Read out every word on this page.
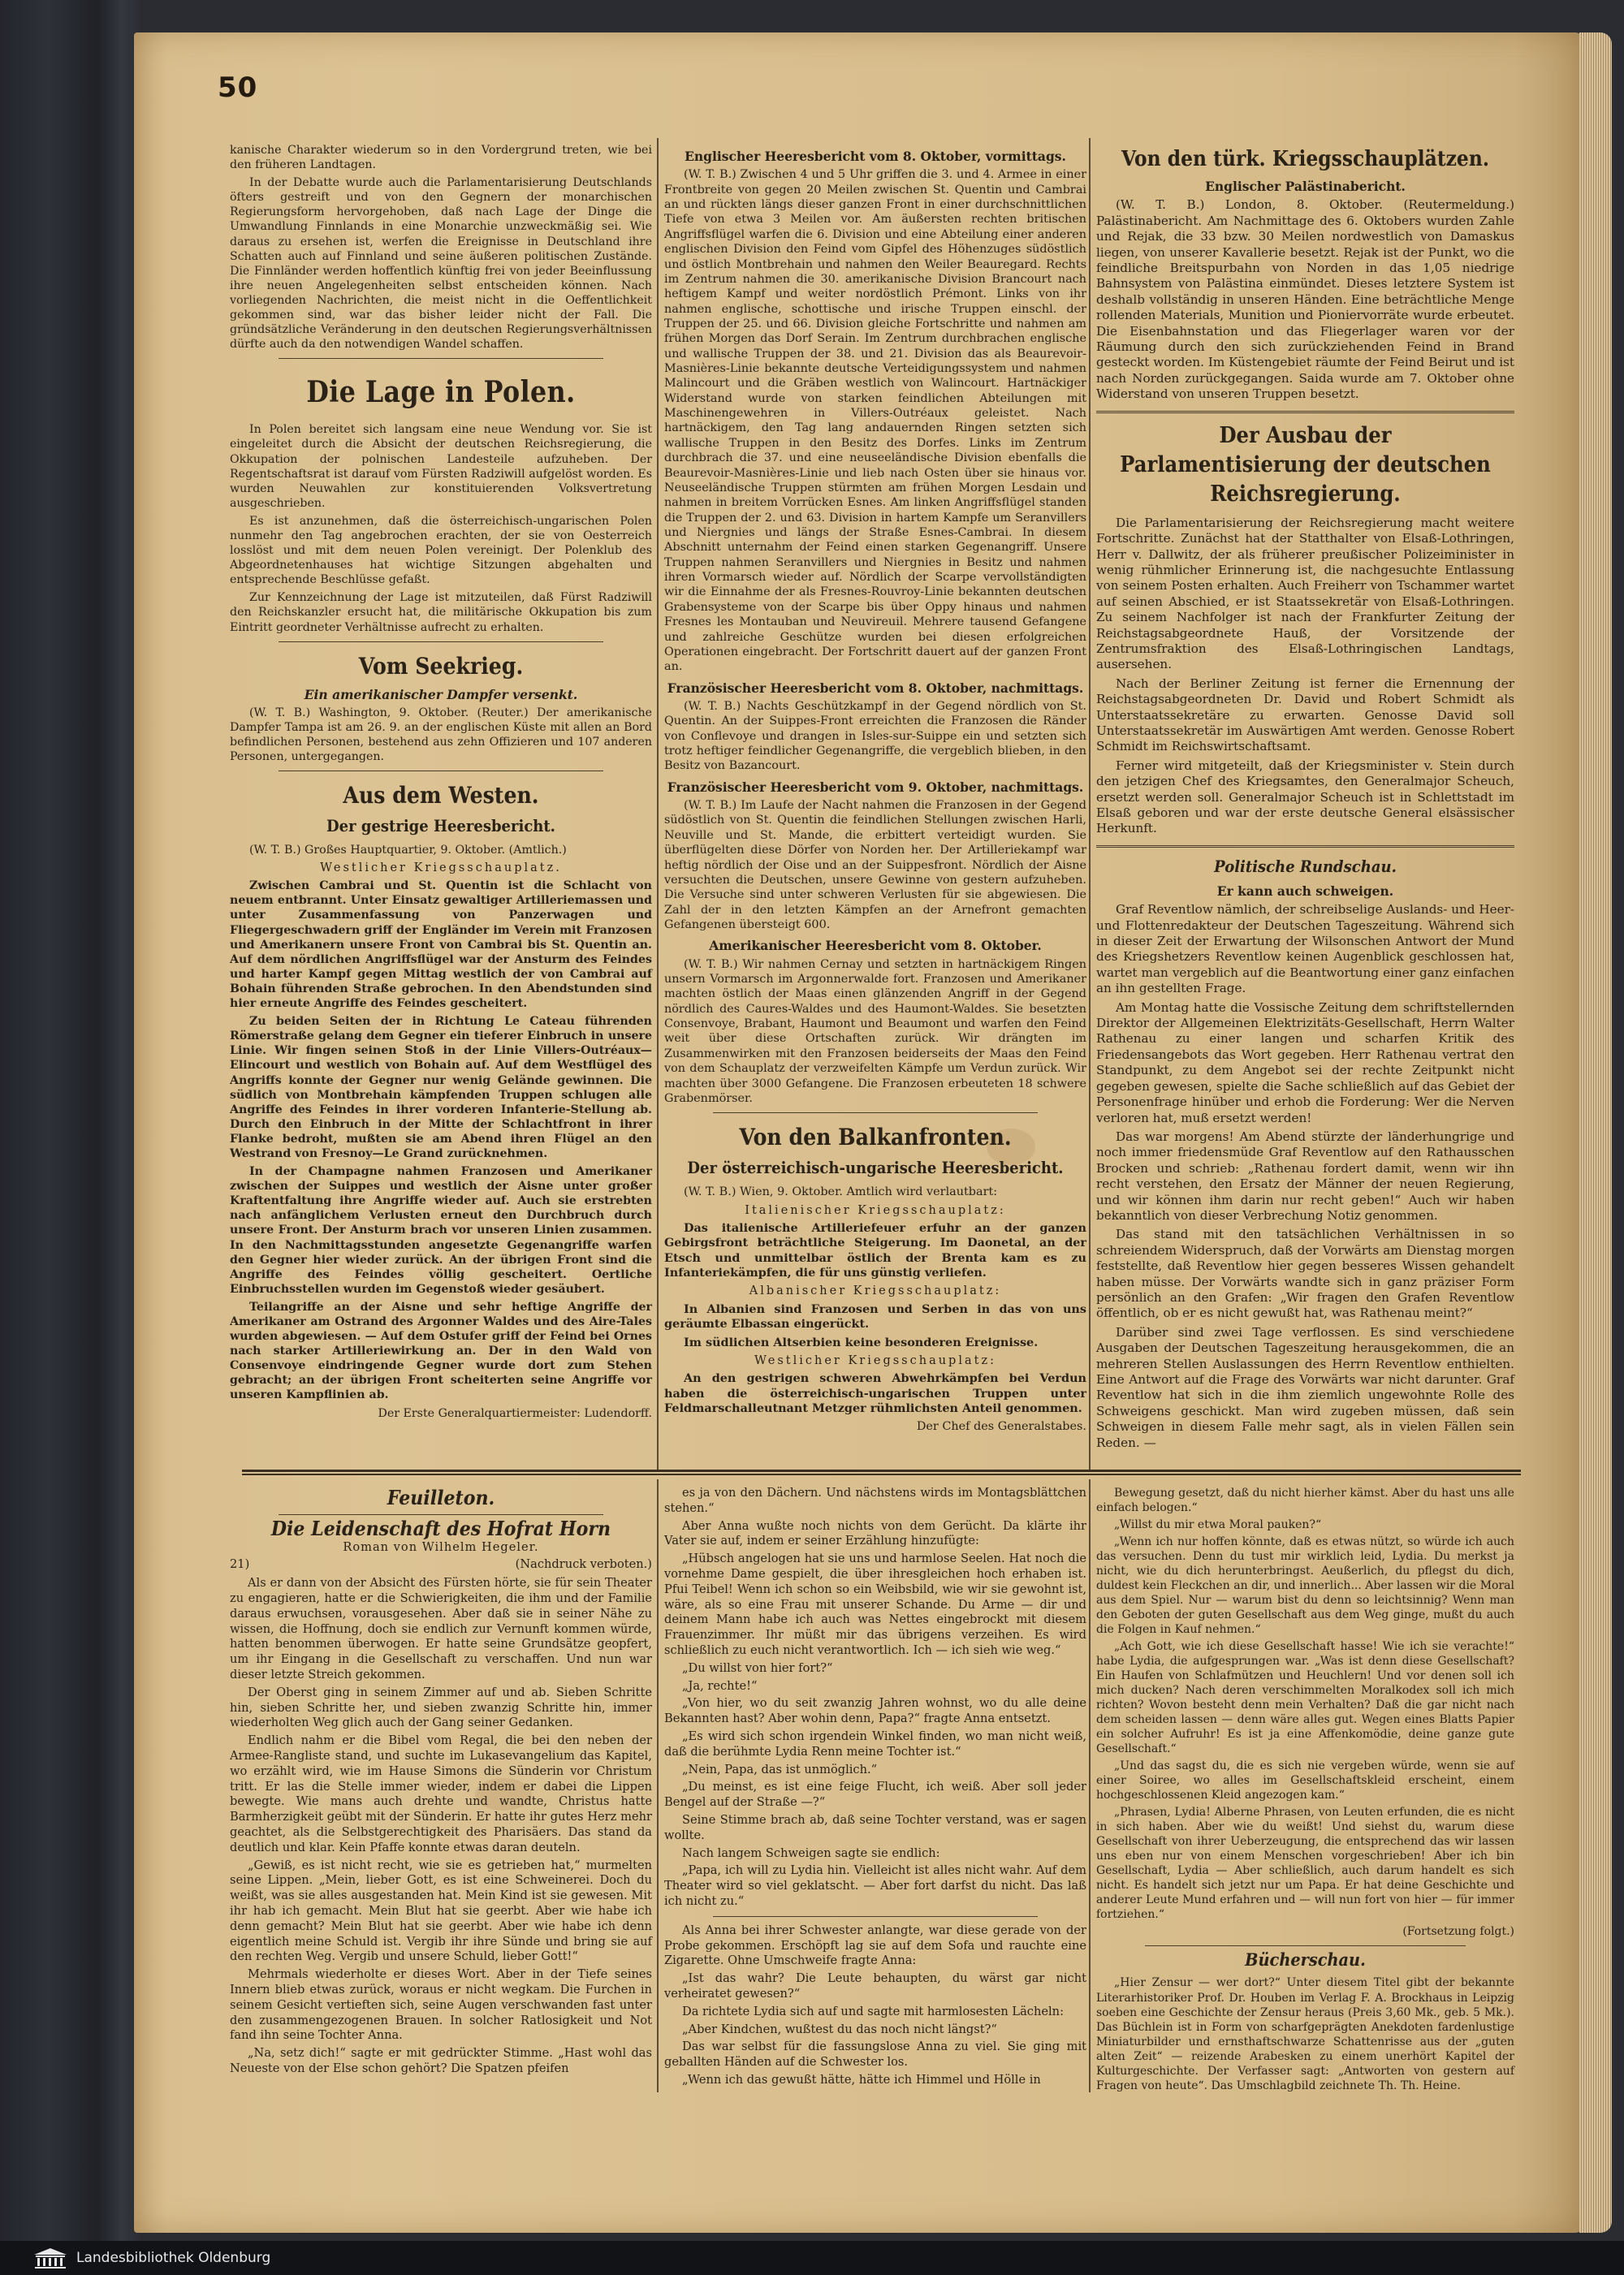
50

kanische Charakter wiederum so in den Vordergrund treten, wie bei den früheren Landtagen.

In der Debatte wurde auch die Parlamentarisierung Deutschlands öfters gestreift und von den Gegnern der monarchischen Regierungsform hervorgehoben, daß nach Lage der Dinge die Umwandlung Finnlands in eine Monarchie unzweckmäßig sei. Wie daraus zu ersehen ist, werfen die Ereignisse in Deutschland ihre Schatten auch auf Finnland und seine äußeren politischen Zustände. Die Finnländer werden hoffentlich künftig frei von jeder Beeinflussung ihre neuen Angelegenheiten selbst entscheiden können. Nach vorliegenden Nachrichten, die meist nicht in die Oeffentlichkeit gekommen sind, war das bisher leider nicht der Fall. Die gründsätzliche Veränderung in den deutschen Regierungsverhältnissen dürfte auch da den notwendigen Wandel schaffen.

Die Lage in Polen.

In Polen bereitet sich langsam eine neue Wendung vor. Sie ist eingeleitet durch die Absicht der deutschen Reichsregierung, die Okkupation der polnischen Landesteile aufzuheben. Der Regentschaftsrat ist darauf vom Fürsten Radziwill aufgelöst worden. Es wurden Neuwahlen zur konstituierenden Volksvertretung ausgeschrieben.

Es ist anzunehmen, daß die österreichisch-ungarischen Polen nunmehr den Tag angebrochen erachten, der sie von Oesterreich losslöst und mit dem neuen Polen vereinigt. Der Polenklub des Abgeordnetenhauses hat wichtige Sitzungen abgehalten und entsprechende Beschlüsse gefaßt.

Zur Kennzeichnung der Lage ist mitzuteilen, daß Fürst Radziwill den Reichskanzler ersucht hat, die militärische Okkupation bis zum Eintritt geordneter Verhältnisse aufrecht zu erhalten.

Vom Seekrieg.
Ein amerikanischer Dampfer versenkt.

(W. T. B.) Washington, 9. Oktober. (Reuter.) Der amerikanische Dampfer Tampa ist am 26. 9. an der englischen Küste mit allen an Bord befindlichen Personen, bestehend aus zehn Offizieren und 107 anderen Personen, untergegangen.

Aus dem Westen.
Der gestrige Heeresbericht.

(W. T. B.) Großes Hauptquartier, 9. Oktober. (Amtlich.)

Westlicher Kriegsschauplatz.

Zwischen Cambrai und St. Quentin ist die Schlacht von neuem entbrannt. Unter Einsatz gewaltiger Artilleriemassen und unter Zusammenfassung von Panzerwagen und Fliegergeschwadern griff der Engländer im Verein mit Franzosen und Amerikanern unsere Front von Cambrai bis St. Quentin an. Auf dem nördlichen Angriffsflügel war der Ansturm des Feindes und harter Kampf gegen Mittag westlich der von Cambrai auf Bohain führenden Straße gebrochen. In den Abendstunden sind hier erneute Angriffe des Feindes gescheitert.

Zu beiden Seiten der in Richtung Le Cateau führenden Römerstraße gelang dem Gegner ein tieferer Einbruch in unsere Linie. Wir fingen seinen Stoß in der Linie Villers-Outréaux—Elincourt und westlich von Bohain auf. Auf dem Westflügel des Angriffs konnte der Gegner nur wenig Gelände gewinnen. Die südlich von Montbrehain kämpfenden Truppen schlugen alle Angriffe des Feindes in ihrer vorderen Infanterie-Stellung ab. Durch den Einbruch in der Mitte der Schlachtfront in ihrer Flanke bedroht, mußten sie am Abend ihren Flügel an den Westrand von Fresnoy—Le Grand zurücknehmen.

In der Champagne nahmen Franzosen und Amerikaner zwischen der Suippes und westlich der Aisne unter großer Kraftentfaltung ihre Angriffe wieder auf. Auch sie erstrebten nach anfänglichem Verlusten erneut den Durchbruch durch unsere Front. Der Ansturm brach vor unseren Linien zusammen. In den Nachmittagsstunden angesetzte Gegenangriffe warfen den Gegner hier wieder zurück. An der übrigen Front sind die Angriffe des Feindes völlig gescheitert. Oertliche Einbruchsstellen wurden im Gegenstoß wieder gesäubert.

Teilangriffe an der Aisne und sehr heftige Angriffe der Amerikaner am Ostrand des Argonner Waldes und des Aire-Tales wurden abgewiesen. — Auf dem Ostufer griff der Feind bei Ornes nach starker Artilleriewirkung an. Der in den Wald von Consenvoye eindringende Gegner wurde dort zum Stehen gebracht; an der übrigen Front scheiterten seine Angriffe vor unseren Kampflinien ab.

Der Erste Generalquartiermeister: Ludendorff.

Englischer Heeresbericht vom 8. Oktober, vormittags.

(W. T. B.) Zwischen 4 und 5 Uhr griffen die 3. und 4. Armee in einer Frontbreite von gegen 20 Meilen zwischen St. Quentin und Cambrai an und rückten längs dieser ganzen Front in einer durchschnittlichen Tiefe von etwa 3 Meilen vor. Am äußersten rechten britischen Angriffsflügel warfen die 6. Division und eine Abteilung einer anderen englischen Division den Feind vom Gipfel des Höhenzuges südöstlich und östlich Montbrehain und nahmen den Weiler Beauregard. Rechts im Zentrum nahmen die 30. amerikanische Division Brancourt nach heftigem Kampf und weiter nordöstlich Prémont. Links von ihr nahmen englische, schottische und irische Truppen einschl. der Truppen der 25. und 66. Division gleiche Fortschritte und nahmen am frühen Morgen das Dorf Serain. Im Zentrum durchbrachen englische und wallische Truppen der 38. und 21. Division das als Beaurevoir-Masnières-Linie bekannte deutsche Verteidigungssystem und nahmen Malincourt und die Gräben westlich von Walincourt. Hartnäckiger Widerstand wurde von starken feindlichen Abteilungen mit Maschinengewehren in Villers-Outréaux geleistet. Nach hartnäckigem, den Tag lang andauernden Ringen setzten sich wallische Truppen in den Besitz des Dorfes. Links im Zentrum durchbrach die 37. und eine neuseeländische Division ebenfalls die Beaurevoir-Masnières-Linie und lieb nach Osten über sie hinaus vor. Neuseeländische Truppen stürmten am frühen Morgen Lesdain und nahmen in breitem Vorrücken Esnes. Am linken Angriffsflügel standen die Truppen der 2. und 63. Division in hartem Kampfe um Seranvillers und Niergnies und längs der Straße Esnes-Cambrai. In diesem Abschnitt unternahm der Feind einen starken Gegenangriff. Unsere Truppen nahmen Seranvillers und Niergnies in Besitz und nahmen ihren Vormarsch wieder auf. Nördlich der Scarpe vervollständigten wir die Einnahme der als Fresnes-Rouvroy-Linie bekannten deutschen Grabensysteme von der Scarpe bis über Oppy hinaus und nahmen Fresnes les Montauban und Neuvireuil. Mehrere tausend Gefangene und zahlreiche Geschütze wurden bei diesen erfolgreichen Operationen eingebracht. Der Fortschritt dauert auf der ganzen Front an.

Französischer Heeresbericht vom 8. Oktober, nachmittags.

(W. T. B.) Nachts Geschützkampf in der Gegend nördlich von St. Quentin. An der Suippes-Front erreichten die Franzosen die Ränder von Conflevoye und drangen in Isles-sur-Suippe ein und setzten sich trotz heftiger feindlicher Gegenangriffe, die vergeblich blieben, in den Besitz von Bazancourt.

Französischer Heeresbericht vom 9. Oktober, nachmittags.

(W. T. B.) Im Laufe der Nacht nahmen die Franzosen in der Gegend südöstlich von St. Quentin die feindlichen Stellungen zwischen Harli, Neuville und St. Mande, die erbittert verteidigt wurden. Sie überflügelten diese Dörfer von Norden her. Der Artilleriekampf war heftig nördlich der Oise und an der Suippesfront. Nördlich der Aisne versuchten die Deutschen, unsere Gewinne von gestern aufzuheben. Die Versuche sind unter schweren Verlusten für sie abgewiesen. Die Zahl der in den letzten Kämpfen an der Arnefront gemachten Gefangenen übersteigt 600.

Amerikanischer Heeresbericht vom 8. Oktober.

(W. T. B.) Wir nahmen Cernay und setzten in hartnäckigem Ringen unsern Vormarsch im Argonnerwalde fort. Franzosen und Amerikaner machten östlich der Maas einen glänzenden Angriff in der Gegend nördlich des Caures-Waldes und des Haumont-Waldes. Sie besetzten Consenvoye, Brabant, Haumont und Beaumont und warfen den Feind weit über diese Ortschaften zurück. Wir drängten im Zusammenwirken mit den Franzosen beiderseits der Maas den Feind von dem Schauplatz der verzweifelten Kämpfe um Verdun zurück. Wir machten über 3000 Gefangene. Die Franzosen erbeuteten 18 schwere Grabenmörser.

Von den Balkanfronten.
Der österreichisch-ungarische Heeresbericht.

(W. T. B.) Wien, 9. Oktober. Amtlich wird verlautbart:

Italienischer Kriegsschauplatz:

Das italienische Artilleriefeuer erfuhr an der ganzen Gebirgsfront beträchtliche Steigerung. Im Daonetal, an der Etsch und unmittelbar östlich der Brenta kam es zu Infanteriekämpfen, die für uns günstig verliefen.

Albanischer Kriegsschauplatz:

In Albanien sind Franzosen und Serben in das von uns geräumte Elbassan eingerückt.

Im südlichen Altserbien keine besonderen Ereignisse.

Westlicher Kriegsschauplatz:

An den gestrigen schweren Abwehrkämpfen bei Verdun haben die österreichisch-ungarischen Truppen unter Feldmarschalleutnant Metzger rühmlichsten Anteil genommen.

Der Chef des Generalstabes.

Von den türk. Kriegsschauplätzen.
Englischer Palästinabericht.

(W. T. B.) London, 8. Oktober. (Reutermeldung.) Palästinabericht. Am Nachmittage des 6. Oktobers wurden Zahle und Rejak, die 33 bzw. 30 Meilen nordwestlich von Damaskus liegen, von unserer Kavallerie besetzt. Rejak ist der Punkt, wo die feindliche Breitspurbahn von Norden in das 1,05 niedrige Bahnsystem von Palästina einmündet. Dieses letztere System ist deshalb vollständig in unseren Händen. Eine beträchtliche Menge rollenden Materials, Munition und Pioniervorräte wurde erbeutet. Die Eisenbahnstation und das Fliegerlager waren vor der Räumung durch den sich zurückziehenden Feind in Brand gesteckt worden. Im Küstengebiet räumte der Feind Beirut und ist nach Norden zurückgegangen. Saida wurde am 7. Oktober ohne Widerstand von unseren Truppen besetzt.

Der Ausbau der Parlamentisierung der deutschen Reichsregierung.

Die Parlamentarisierung der Reichsregierung macht weitere Fortschritte. Zunächst hat der Statthalter von Elsaß-Lothringen, Herr v. Dallwitz, der als früherer preußischer Polizeiminister in wenig rühmlicher Erinnerung ist, die nachgesuchte Entlassung von seinem Posten erhalten. Auch Freiherr von Tschammer wartet auf seinen Abschied, er ist Staatssekretär von Elsaß-Lothringen. Zu seinem Nachfolger ist nach der Frankfurter Zeitung der Reichstagsabgeordnete Hauß, der Vorsitzende der Zentrumsfraktion des Elsaß-Lothringischen Landtags, ausersehen.

Nach der Berliner Zeitung ist ferner die Ernennung der Reichstagsabgeordneten Dr. David und Robert Schmidt als Unterstaatssekretäre zu erwarten. Genosse David soll Unterstaatssekretär im Auswärtigen Amt werden. Genosse Robert Schmidt im Reichswirtschaftsamt.

Ferner wird mitgeteilt, daß der Kriegsminister v. Stein durch den jetzigen Chef des Kriegsamtes, den Generalmajor Scheuch, ersetzt werden soll. Generalmajor Scheuch ist in Schlettstadt im Elsaß geboren und war der erste deutsche General elsässischer Herkunft.

Politische Rundschau.
Er kann auch schweigen.

Graf Reventlow nämlich, der schreibselige Auslands- und Heer- und Flottenredakteur der Deutschen Tageszeitung. Während sich in dieser Zeit der Erwartung der Wilsonschen Antwort der Mund des Kriegshetzers Reventlow keinen Augenblick geschlossen hat, wartet man vergeblich auf die Beantwortung einer ganz einfachen an ihn gestellten Frage.

Am Montag hatte die Vossische Zeitung dem schriftstellernden Direktor der Allgemeinen Elektrizitäts-Gesellschaft, Herrn Walter Rathenau zu einer langen und scharfen Kritik des Friedensangebots das Wort gegeben. Herr Rathenau vertrat den Standpunkt, zu dem Angebot sei der rechte Zeitpunkt nicht gegeben gewesen, spielte die Sache schließlich auf das Gebiet der Personenfrage hinüber und erhob die Forderung: Wer die Nerven verloren hat, muß ersetzt werden!

Das war morgens! Am Abend stürzte der länderhungrige und noch immer friedensmüde Graf Reventlow auf den Rathausschen Brocken und schrieb: „Rathenau fordert damit, wenn wir ihn recht verstehen, den Ersatz der Männer der neuen Regierung, und wir können ihm darin nur recht geben!“ Auch wir haben bekanntlich von dieser Verbrechung Notiz genommen.

Das stand mit den tatsächlichen Verhältnissen in so schreiendem Widerspruch, daß der Vorwärts am Dienstag morgen feststellte, daß Reventlow hier gegen besseres Wissen gehandelt haben müsse. Der Vorwärts wandte sich in ganz präziser Form persönlich an den Grafen: „Wir fragen den Grafen Reventlow öffentlich, ob er es nicht gewußt hat, was Rathenau meint?“

Darüber sind zwei Tage verflossen. Es sind verschiedene Ausgaben der Deutschen Tageszeitung herausgekommen, die an mehreren Stellen Auslassungen des Herrn Reventlow enthielten. Eine Antwort auf die Frage des Vorwärts war nicht darunter. Graf Reventlow hat sich in die ihm ziemlich ungewohnte Rolle des Schweigens geschickt. Man wird zugeben müssen, daß sein Schweigen in diesem Falle mehr sagt, als in vielen Fällen sein Reden. —

Feuilleton.
Die Leidenschaft des Hofrat Horn

Roman von Wilhelm Hegeler.

21)	(Nachdruck verboten.)

Als er dann von der Absicht des Fürsten hörte, sie für sein Theater zu engagieren, hatte er die Schwierigkeiten, die ihm und der Familie daraus erwuchsen, vorausgesehen. Aber daß sie in seiner Nähe zu wissen, die Hoffnung, doch sie endlich zur Vernunft kommen würde, hatten benommen überwogen. Er hatte seine Grundsätze geopfert, um ihr Eingang in die Gesellschaft zu verschaffen. Und nun war dieser letzte Streich gekommen.

Der Oberst ging in seinem Zimmer auf und ab. Sieben Schritte hin, sieben Schritte her, und sieben zwanzig Schritte hin, immer wiederholten Weg glich auch der Gang seiner Gedanken.

Endlich nahm er die Bibel vom Regal, die bei den neben der Armee-Rangliste stand, und suchte im Lukasevangelium das Kapitel, wo erzählt wird, wie im Hause Simons die Sünderin vor Christum tritt. Er las die Stelle immer wieder, indem er dabei die Lippen bewegte. Wie mans auch drehte und wandte, Christus hatte Barmherzigkeit geübt mit der Sünderin. Er hatte ihr gutes Herz mehr geachtet, als die Selbstgerechtigkeit des Pharisäers. Das stand da deutlich und klar. Kein Pfaffe konnte etwas daran deuteln.

„Gewiß, es ist nicht recht, wie sie es getrieben hat,“ murmelten seine Lippen. „Mein, lieber Gott, es ist eine Schweinerei. Doch du weißt, was sie alles ausgestanden hat. Mein Kind ist sie gewesen. Mit ihr hab ich gemacht. Mein Blut hat sie geerbt. Aber wie habe ich denn gemacht? Mein Blut hat sie geerbt. Aber wie habe ich denn eigentlich meine Schuld ist. Vergib ihr ihre Sünde und bring sie auf den rechten Weg. Vergib und unsere Schuld, lieber Gott!“

Mehrmals wiederholte er dieses Wort. Aber in der Tiefe seines Innern blieb etwas zurück, woraus er nicht wegkam. Die Furchen in seinem Gesicht vertieften sich, seine Augen verschwanden fast unter den zusammengezogenen Brauen. In solcher Ratlosigkeit und Not fand ihn seine Tochter Anna.

„Na, setz dich!“ sagte er mit gedrückter Stimme. „Hast wohl das Neueste von der Else schon gehört? Die Spatzen pfeifen

es ja von den Dächern. Und nächstens wirds im Montagsblättchen stehen.“

Aber Anna wußte noch nichts von dem Gerücht. Da klärte ihr Vater sie auf, indem er seiner Erzählung hinzufügte:

„Hübsch angelogen hat sie uns und harmlose Seelen. Hat noch die vornehme Dame gespielt, die über ihresgleichen hoch erhaben ist. Pfui Teibel! Wenn ich schon so ein Weibsbild, wie wir sie gewohnt ist, wäre, als so eine Frau mit unserer Schande. Du Arme — dir und deinem Mann habe ich auch was Nettes eingebrockt mit diesem Frauenzimmer. Ihr müßt mir das übrigens verzeihen. Es wird schließlich zu euch nicht verantwortlich. Ich — ich sieh wie weg.“

„Du willst von hier fort?“

„Ja, rechte!“

„Von hier, wo du seit zwanzig Jahren wohnst, wo du alle deine Bekannten hast? Aber wohin denn, Papa?“ fragte Anna entsetzt.

„Es wird sich schon irgendein Winkel finden, wo man nicht weiß, daß die berühmte Lydia Renn meine Tochter ist.“

„Nein, Papa, das ist unmöglich.“

„Du meinst, es ist eine feige Flucht, ich weiß. Aber soll jeder Bengel auf der Straße —?“

Seine Stimme brach ab, daß seine Tochter verstand, was er sagen wollte.

Nach langem Schweigen sagte sie endlich:

„Papa, ich will zu Lydia hin. Vielleicht ist alles nicht wahr. Auf dem Theater wird so viel geklatscht. — Aber fort darfst du nicht. Das laß ich nicht zu.“

Als Anna bei ihrer Schwester anlangte, war diese gerade von der Probe gekommen. Erschöpft lag sie auf dem Sofa und rauchte eine Zigarette. Ohne Umschweife fragte Anna:

„Ist das wahr? Die Leute behaupten, du wärst gar nicht verheiratet gewesen?“

Da richtete Lydia sich auf und sagte mit harmlosesten Lächeln:

„Aber Kindchen, wußtest du das noch nicht längst?“

Das war selbst für die fassungslose Anna zu viel. Sie ging mit geballten Händen auf die Schwester los.

„Wenn ich das gewußt hätte, hätte ich Himmel und Hölle in

Bewegung gesetzt, daß du nicht hierher kämst. Aber du hast uns alle einfach belogen.“

„Willst du mir etwa Moral pauken?“

„Wenn ich nur hoffen könnte, daß es etwas nützt, so würde ich auch das versuchen. Denn du tust mir wirklich leid, Lydia. Du merkst ja nicht, wie du dich herunterbringst. Aeußerlich, du pflegst du dich, duldest kein Fleckchen an dir, und innerlich... Aber lassen wir die Moral aus dem Spiel. Nur — warum bist du denn so leichtsinnig? Wenn man den Geboten der guten Gesellschaft aus dem Weg ginge, mußt du auch die Folgen in Kauf nehmen.“

„Ach Gott, wie ich diese Gesellschaft hasse! Wie ich sie verachte!“ habe Lydia, die aufgesprungen war. „Was ist denn diese Gesellschaft? Ein Haufen von Schlafmützen und Heuchlern! Und vor denen soll ich mich ducken? Nach deren verschimmelten Moralkodex soll ich mich richten? Wovon besteht denn mein Verhalten? Daß die gar nicht nach dem scheiden lassen — denn wäre alles gut. Wegen eines Blatts Papier ein solcher Aufruhr! Es ist ja eine Affenkomödie, deine ganze gute Gesellschaft.“

„Und das sagst du, die es sich nie vergeben würde, wenn sie auf einer Soiree, wo alles im Gesellschaftskleid erscheint, einem hochgeschlossenen Kleid angezogen kam.“

„Phrasen, Lydia! Alberne Phrasen, von Leuten erfunden, die es nicht in sich haben. Aber wie du weißt! Und siehst du, warum diese Gesellschaft von ihrer Ueberzeugung, die entsprechend das wir lassen uns eben nur von einem Menschen vorgeschrieben! Aber ich bin Gesellschaft, Lydia — Aber schließlich, auch darum handelt es sich nicht. Es handelt sich jetzt nur um Papa. Er hat deine Geschichte und anderer Leute Mund erfahren und — will nun fort von hier — für immer fortziehen.“

(Fortsetzung folgt.)

Bücherschau.

„Hier Zensur — wer dort?“ Unter diesem Titel gibt der bekannte Literarhistoriker Prof. Dr. Houben im Verlag F. A. Brockhaus in Leipzig soeben eine Geschichte der Zensur heraus (Preis 3,60 Mk., geb. 5 Mk.). Das Büchlein ist in Form von scharfgeprägten Anekdoten fardenlustige Miniaturbilder und ernsthaftschwarze Schattenrisse aus der „guten alten Zeit“ — reizende Arabesken zu einem unerhört Kapitel der Kulturgeschichte. Der Verfasser sagt: „Antworten von gestern auf Fragen von heute“. Das Umschlagbild zeichnete Th. Th. Heine.

Landesbibliothek Oldenburg
